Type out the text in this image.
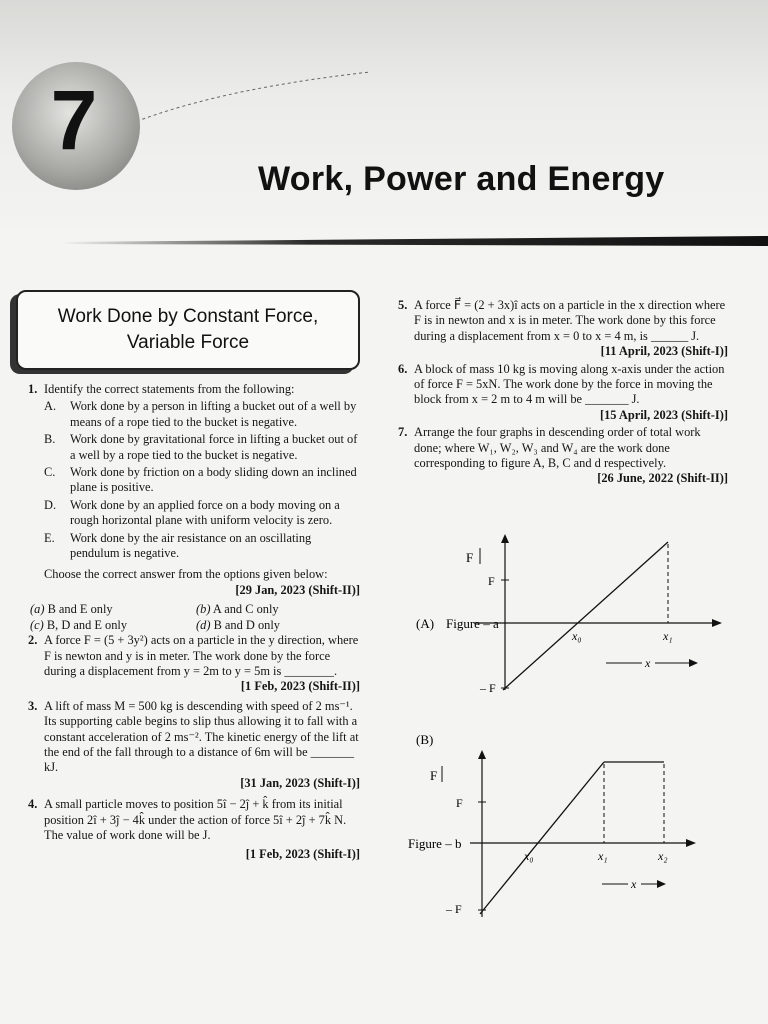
7
Work, Power and Energy
Work Done by Constant Force,
Variable Force
1. Identify the correct statements from the following:
A. Work done by a person in lifting a bucket out of a well by means of a rope tied to the bucket is negative.
B. Work done by gravitational force in lifting a bucket out of a well by a rope tied to the bucket is negative.
C. Work done by friction on a body sliding down an inclined plane is positive.
D. Work done by an applied force on a body moving on a rough horizontal plane with uniform velocity is zero.
E. Work done by the air resistance on an oscillating pendulum is negative.
Choose the correct answer from the options given below:
[29 Jan, 2023 (Shift-II)]
(a) B and E only	(b) A and C only
(c) B, D and E only	(d) B and D only
2. A force F = (5 + 3y²) acts on a particle in the y direction, where F is newton and y is in meter. The work done by the force during a displacement from y = 2m to y = 5m is ________.
[1 Feb, 2023 (Shift-II)]
3. A lift of mass M = 500 kg is descending with speed of 2 ms⁻¹. Its supporting cable begins to slip thus allowing it to fall with a constant acceleration of 2 ms⁻². The kinetic energy of the lift at the end of the fall through to a distance of 6m will be _______ kJ.
[31 Jan, 2023 (Shift-I)]
4. A small particle moves to position 5î − 2ĵ + k̂ from its initial position 2î + 3ĵ − 4k̂ under the action of force 5î + 2ĵ + 7k̂ N. The value of work done will be J.
[1 Feb, 2023 (Shift-I)]
5. A force F⃗ = (2 + 3x)î acts on a particle in the x direction where F is in newton and x is in meter. The work done by this force during a displacement from x = 0 to x = 4 m, is ______ J.
[11 April, 2023 (Shift-I)]
6. A block of mass 10 kg is moving along x-axis under the action of force F = 5xN. The work done by the force in moving the block from x = 2 m to 4 m will be _______ J.
[15 April, 2023 (Shift-I)]
7. Arrange the four graphs in descending order of total work done; where W₁, W₂, W₃ and W₄ are the work done corresponding to figure A, B, C and d respectively.
[26 June, 2022 (Shift-II)]
F
F
– F
(A) Figure – a
x₀	x₁
x
(B)
F
F
– F
Figure – b
x₀	x₁	x₂
x
